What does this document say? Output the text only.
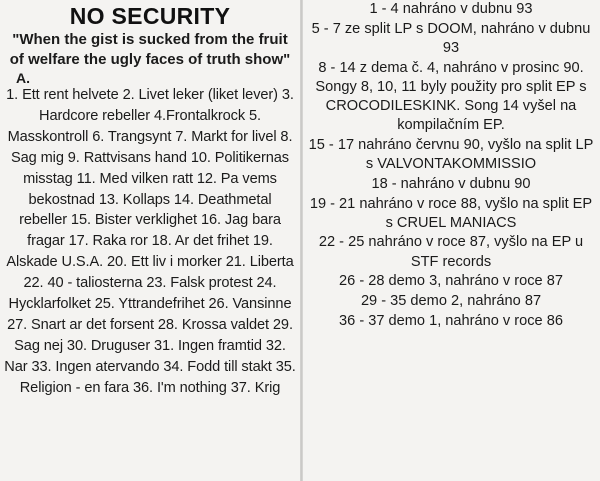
NO SECURITY

"When the gist is sucked from the fruit of welfare the ugly faces of truth show"

A.

1. Ett rent helvete 2. Livet leker (liket lever) 3. Hardcore rebeller 4.Frontalkrock 5. Masskontroll 6. Trangsynt 7. Markt for livel 8. Sag mig 9. Rattvisans hand 10. Politikernas misstag 11. Med vilken ratt 12. Pa vems bekostnad 13. Kollaps 14. Deathmetal rebeller 15. Bister verklighet 16. Jag bara fragar 17. Raka ror 18. Ar det frihet 19. Alskade U.S.A. 20. Ett liv i morker 21. Liberta 22. 40 - taliosterna 23. Falsk protest 24. Hycklarfolket 25. Yttrandefrihet 26. Vansinne 27. Snart ar det forsent 28. Krossa valdet 29. Sag nej 30. Druguser 31. Ingen framtid 32. Nar 33. Ingen atervando 34. Fodd till stakt 35. Religion - en fara 36. I'm nothing 37. Krig

1 - 4 nahráno v dubnu 93
5 - 7 ze split LP s DOOM, nahráno v dubnu 93
8 - 14 z dema č. 4, nahráno v prosinc 90. Songy 8, 10, 11 byly použity pro split EP s CROCODILESKINK. Song 14 vyšel na kompilačním EP.
15 - 17 nahráno červnu 90, vyšlo na split LP s VALVONTAKOMMISSIO
18 - nahráno v dubnu 90
19 - 21 nahráno v roce 88, vyšlo na split EP s CRUEL MANIACS
22 - 25 nahráno v roce 87, vyšlo na EP u STF records
26 - 28 demo 3, nahráno v roce 87
29 - 35 demo 2, nahráno 87
36 - 37 demo 1, nahráno v roce 86
